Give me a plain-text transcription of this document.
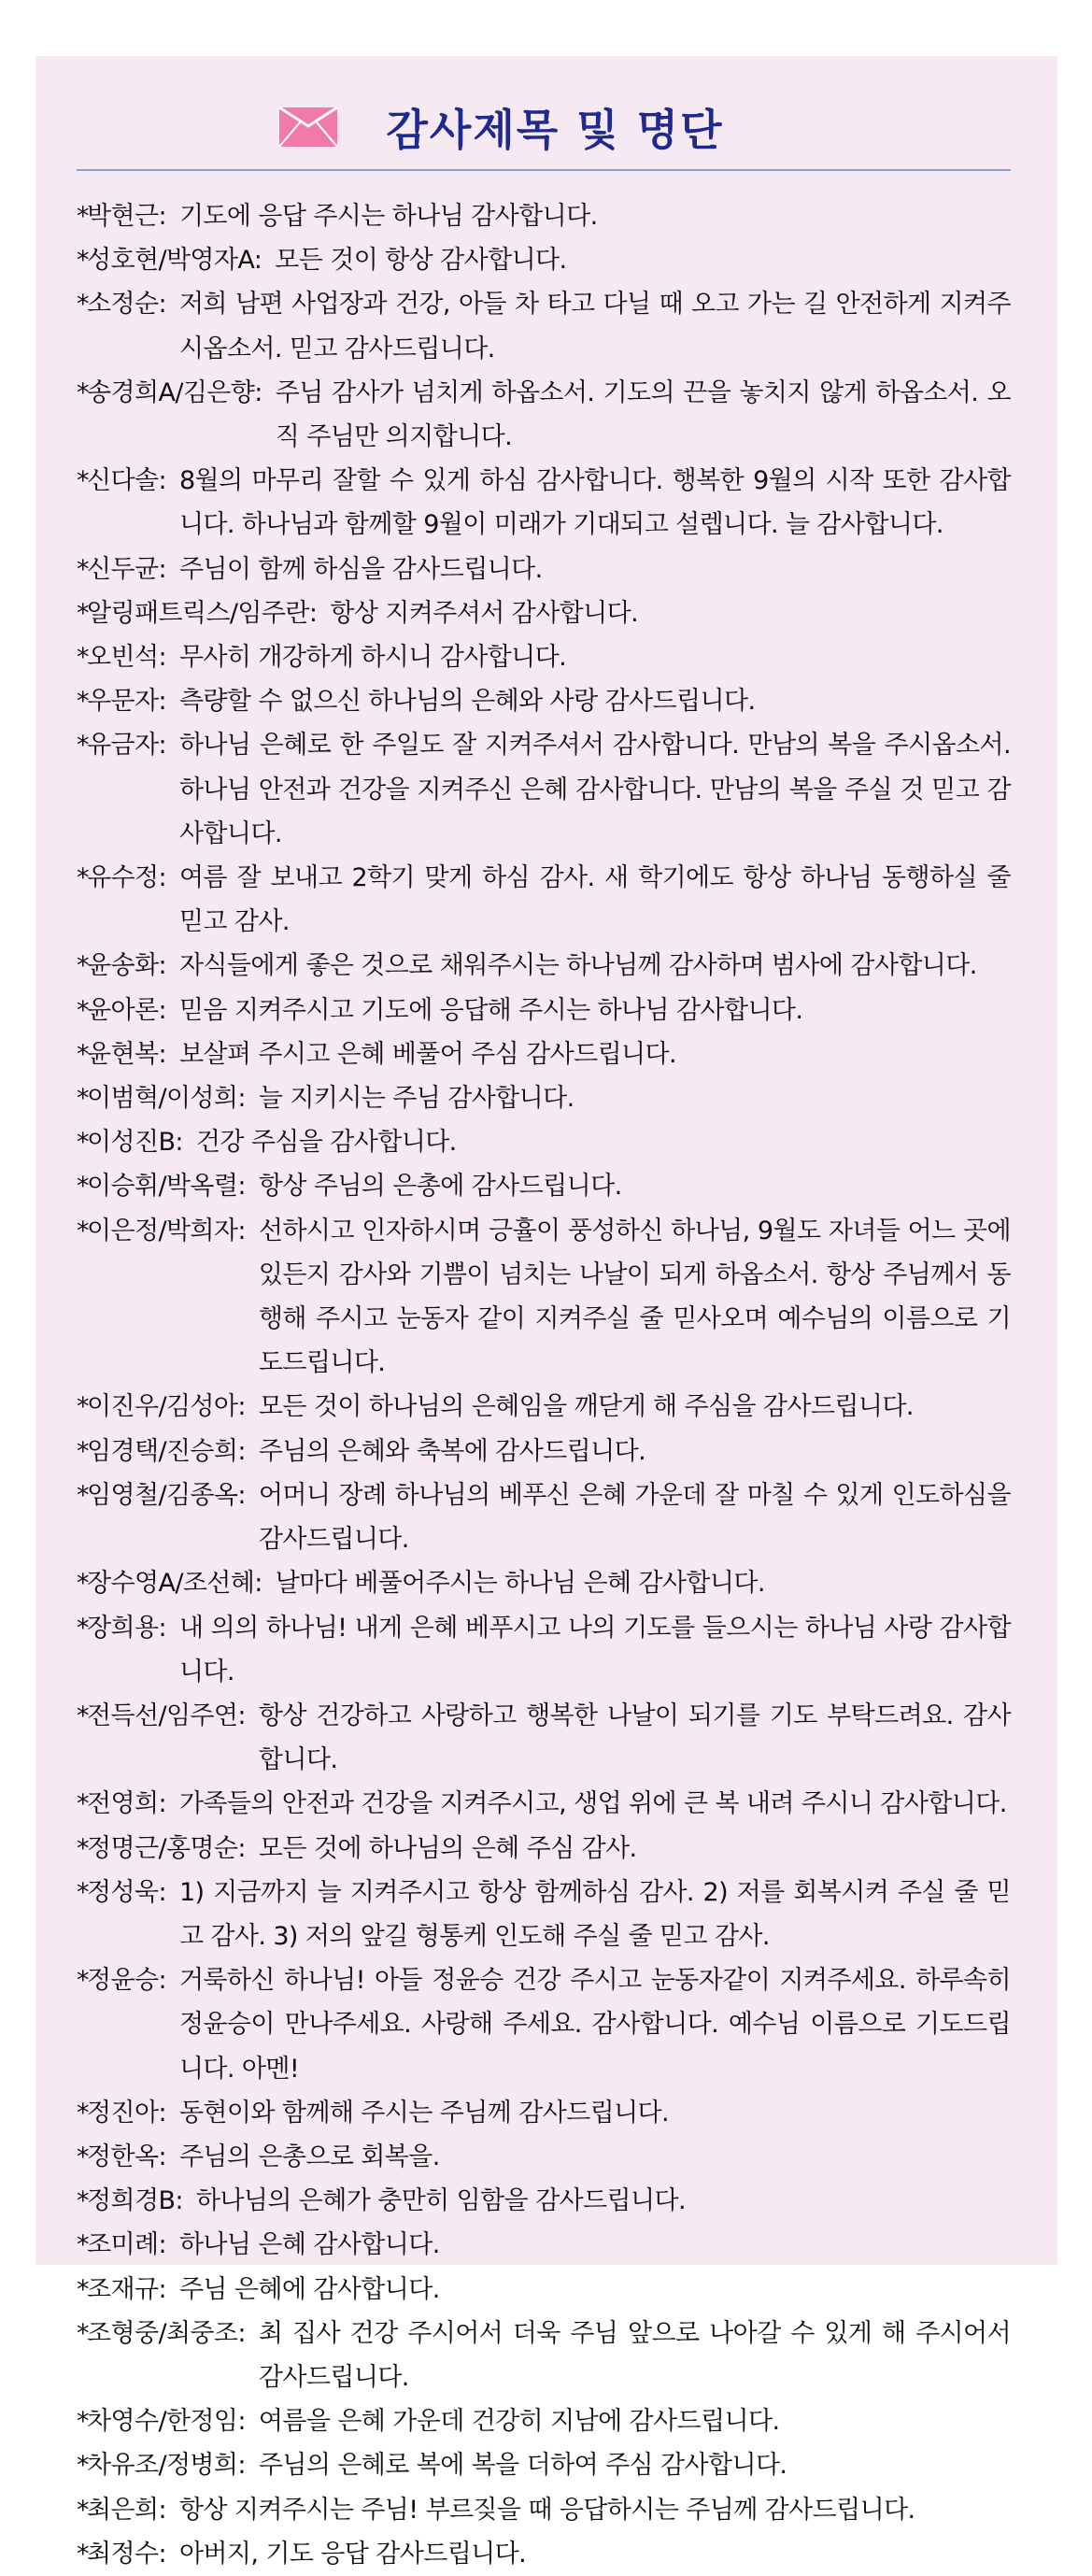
감사제목 및 명단
*
박현근: 기도에 응답 주시는 하나님 감사합니다.
*
성호현/박영자A: 모든 것이 항상 감사합니다.
*
소정순: 저희 남편 사업장과 건강, 아들 차 타고 다닐 때 오고 가는 길 안전하게 지켜주시옵소서. 믿고 감사드립니다.
*
송경희A/김은향: 주님 감사가 넘치게 하옵소서. 기도의 끈을 놓치지 않게 하옵소서. 오직 주님만 의지합니다.
*
신다솔: 8월의 마무리 잘할 수 있게 하심 감사합니다. 행복한 9월의 시작 또한 감사합니다. 하나님과 함께할 9월이 미래가 기대되고 설렙니다. 늘 감사합니다.
*
신두균: 주님이 함께 하심을 감사드립니다.
*
알링패트릭스/임주란: 항상 지켜주셔서 감사합니다.
*
오빈석: 무사히 개강하게 하시니 감사합니다.
*
우문자: 측량할 수 없으신 하나님의 은혜와 사랑 감사드립니다.
*
유금자: 하나님 은혜로 한 주일도 잘 지켜주셔서 감사합니다. 만남의 복을 주시옵소서. 하나님 안전과 건강을 지켜주신 은혜 감사합니다. 만남의 복을 주실 것 믿고 감사합니다.
*
유수정: 여름 잘 보내고 2학기 맞게 하심 감사. 새 학기에도 항상 하나님 동행하실 줄 믿고 감사.
*
윤송화: 자식들에게 좋은 것으로 채워주시는 하나님께 감사하며 범사에 감사합니다.
*
윤아론: 믿음 지켜주시고 기도에 응답해 주시는 하나님 감사합니다.
*
윤현복: 보살펴 주시고 은혜 베풀어 주심 감사드립니다.
*
이범혁/이성희: 늘 지키시는 주님 감사합니다.
*
이성진B: 건강 주심을 감사합니다.
*
이승휘/박옥렬: 항상 주님의 은총에 감사드립니다.
*
이은정/박희자: 선하시고 인자하시며 긍휼이 풍성하신 하나님, 9월도 자녀들 어느 곳에 있든지 감사와 기쁨이 넘치는 나날이 되게 하옵소서. 항상 주님께서 동행해 주시고 눈동자 같이 지켜주실 줄 믿사오며 예수님의 이름으로 기도드립니다.
*
이진우/김성아: 모든 것이 하나님의 은혜임을 깨닫게 해 주심을 감사드립니다.
*
임경택/진승희: 주님의 은혜와 축복에 감사드립니다.
*
임영철/김종옥: 어머니 장례 하나님의 베푸신 은혜 가운데 잘 마칠 수 있게 인도하심을 감사드립니다.
*
장수영A/조선혜: 날마다 베풀어주시는 하나님 은혜 감사합니다.
*
장희용: 내 의의 하나님! 내게 은혜 베푸시고 나의 기도를 들으시는 하나님 사랑 감사합니다.
*
전득선/임주연: 항상 건강하고 사랑하고 행복한 나날이 되기를 기도 부탁드려요. 감사합니다.
*
전영희: 가족들의 안전과 건강을 지켜주시고, 생업 위에 큰 복 내려 주시니 감사합니다.
*
정명근/홍명순: 모든 것에 하나님의 은혜 주심 감사.
*
정성욱: 1) 지금까지 늘 지켜주시고 항상 함께하심 감사. 2) 저를 회복시켜 주실 줄 믿고 감사. 3) 저의 앞길 형통케 인도해 주실 줄 믿고 감사.
*
정윤승: 거룩하신 하나님! 아들 정윤승 건강 주시고 눈동자같이 지켜주세요. 하루속히 정윤승이 만나주세요. 사랑해 주세요. 감사합니다. 예수님 이름으로 기도드립니다. 아멘!
*
정진아: 동현이와 함께해 주시는 주님께 감사드립니다.
*
정한옥: 주님의 은총으로 회복을.
*
정희경B: 하나님의 은혜가 충만히 임함을 감사드립니다.
*
조미례: 하나님 은혜 감사합니다.
*
조재규: 주님 은혜에 감사합니다.
*
조형중/최중조: 최 집사 건강 주시어서 더욱 주님 앞으로 나아갈 수 있게 해 주시어서 감사드립니다.
*
차영수/한정임: 여름을 은혜 가운데 건강히 지남에 감사드립니다.
*
차유조/정병희: 주님의 은혜로 복에 복을 더하여 주심 감사합니다.
*
최은희: 항상 지켜주시는 주님! 부르짖을 때 응답하시는 주님께 감사드립니다.
*
최정수: 아버지, 기도 응답 감사드립니다.
